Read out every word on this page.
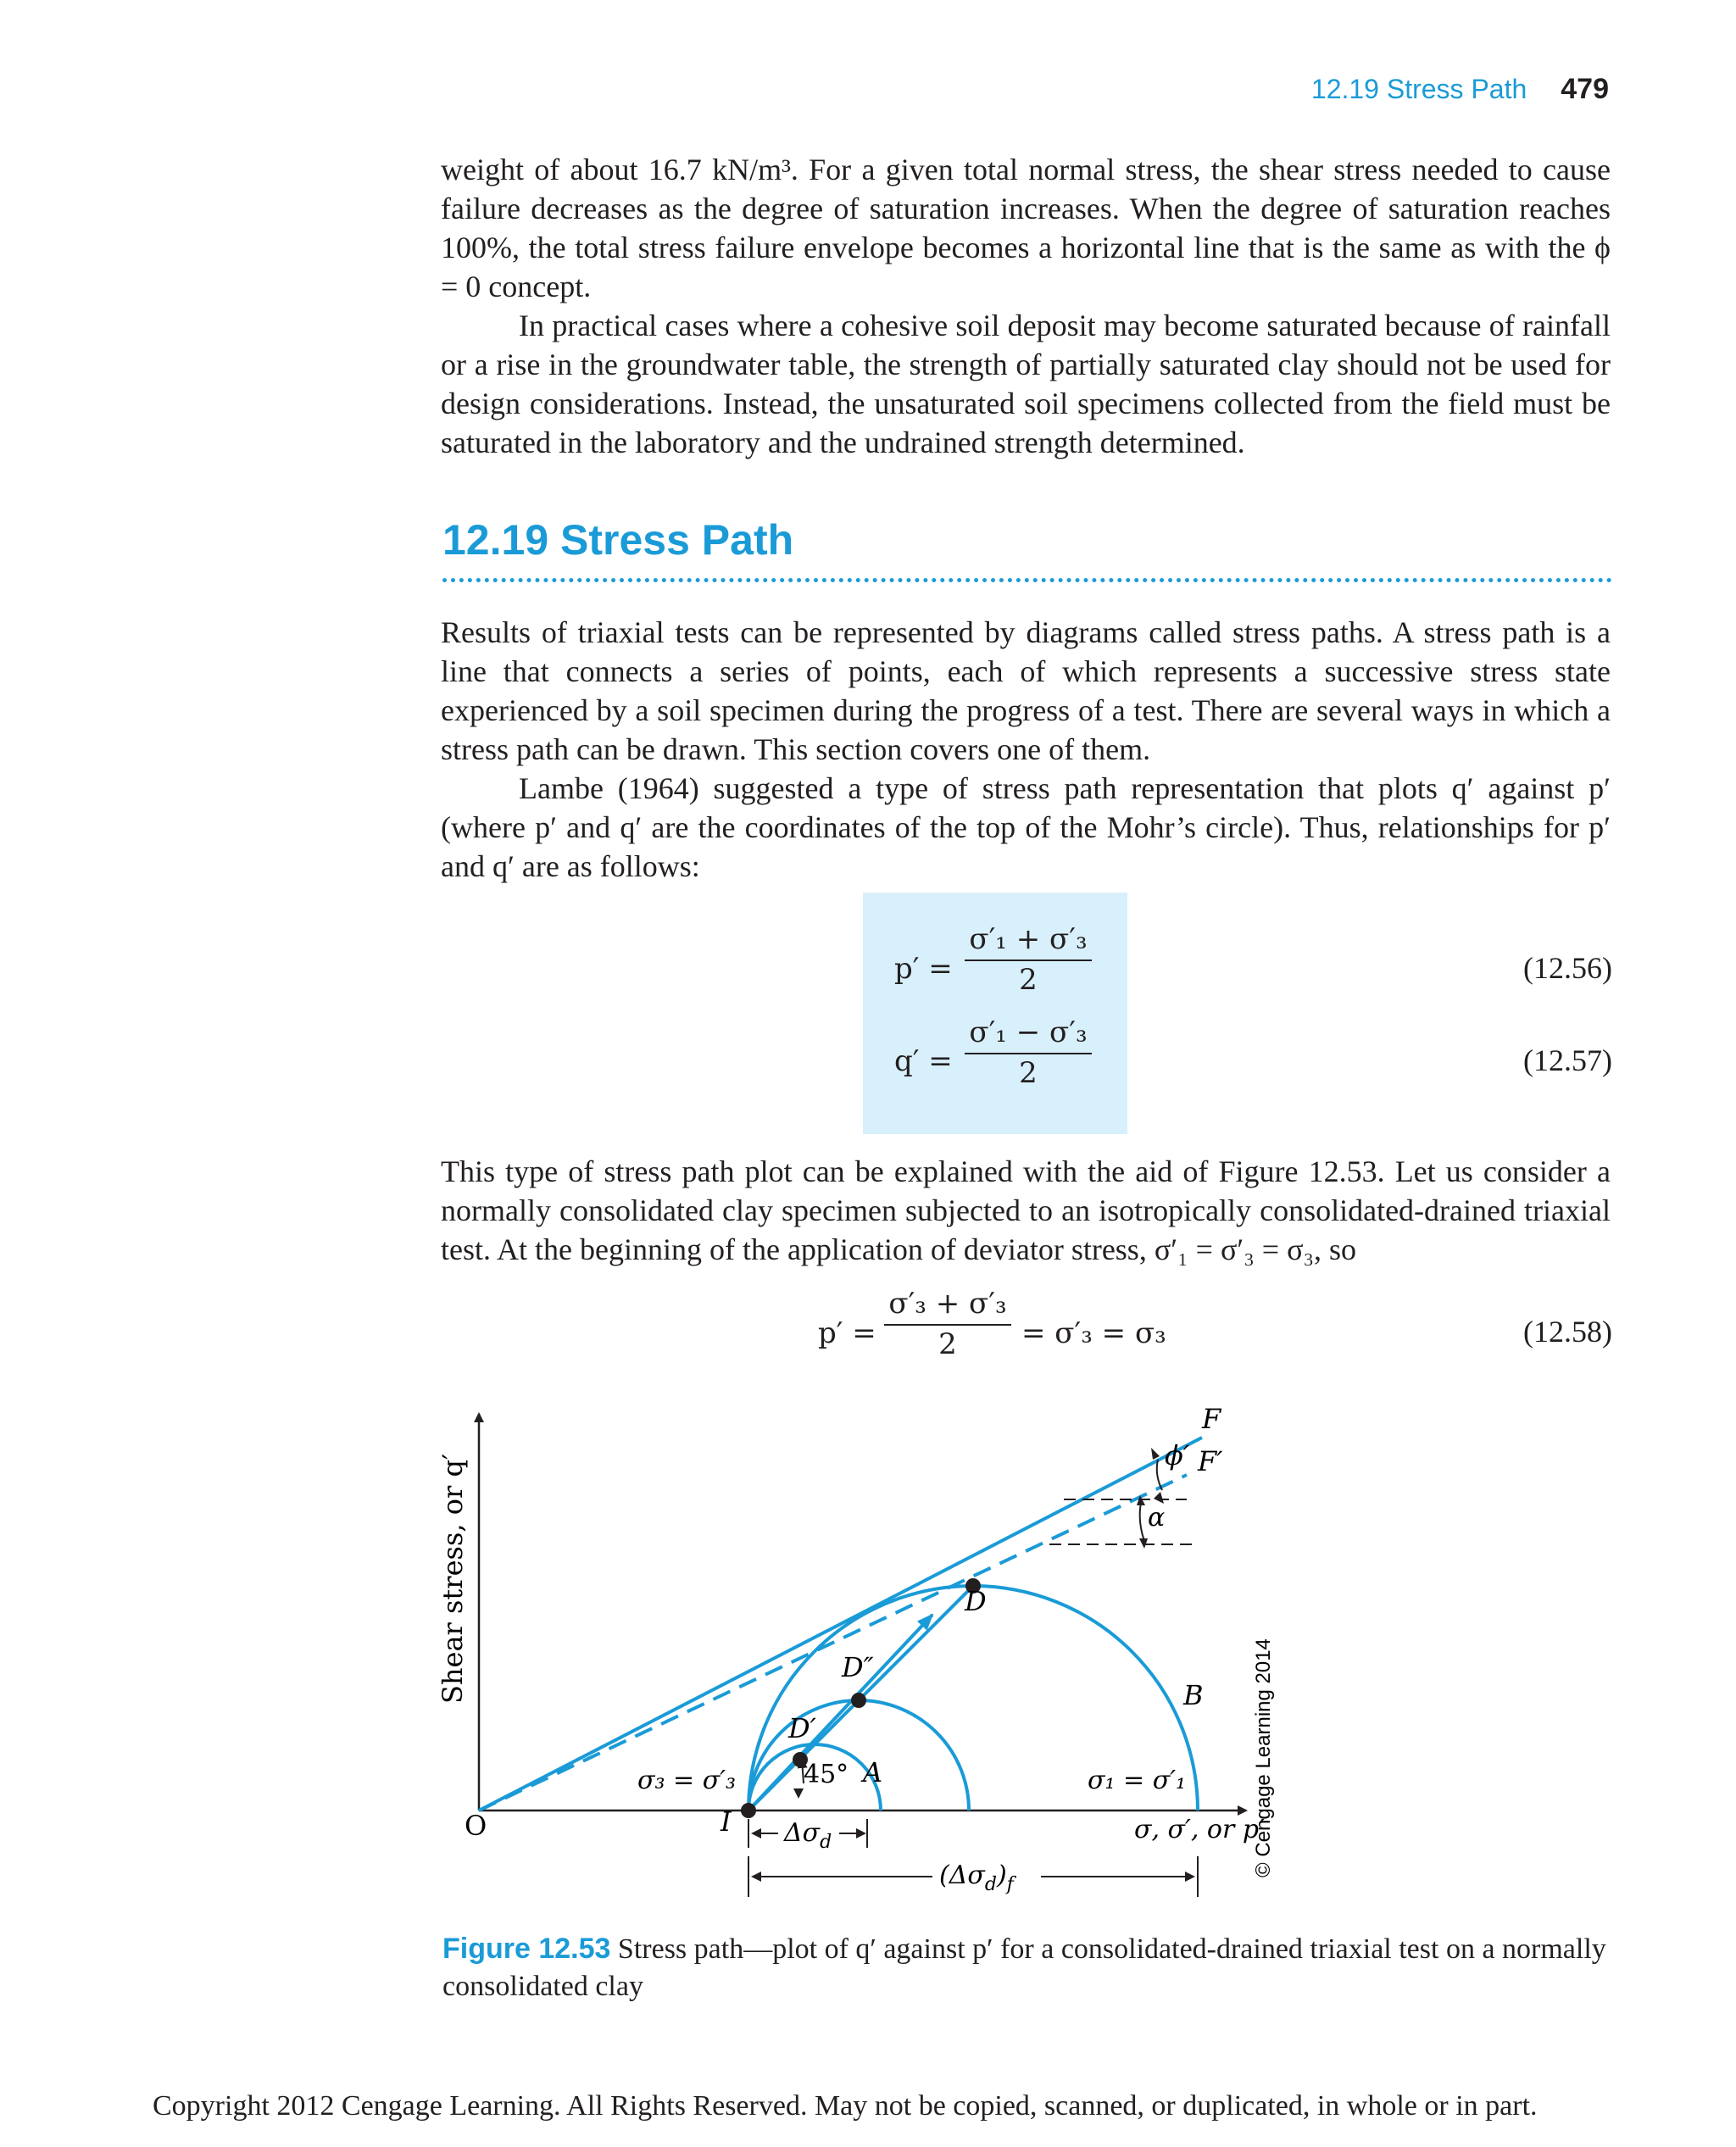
12.19 Stress Path 479

weight of about 16.7 kN/m³. For a given total normal stress, the shear stress needed to cause failure decreases as the degree of saturation increases. When the degree of saturation reaches 100%, the total stress failure envelope becomes a horizontal line that is the same as with the ϕ = 0 concept.

In practical cases where a cohesive soil deposit may become saturated because of rainfall or a rise in the groundwater table, the strength of partially saturated clay should not be used for design considerations. Instead, the unsaturated soil specimens collected from the field must be saturated in the laboratory and the undrained strength determined.

12.19 Stress Path

Results of triaxial tests can be represented by diagrams called stress paths. A stress path is a line that connects a series of points, each of which represents a successive stress state experienced by a soil specimen during the progress of a test. There are several ways in which a stress path can be drawn. This section covers one of them.

Lambe (1964) suggested a type of stress path representation that plots q′ against p′ (where p′ and q′ are the coordinates of the top of the Mohr’s circle). Thus, relationships for p′ and q′ are as follows:

$p' = \frac{\text{σ′₁ + σ′₃}}{2}$	(12.56)
$q' = \frac{\text{σ′₁ − σ′₃}}{2}$	(12.57)

This type of stress path plot can be explained with the aid of Figure 12.53. Let us consider a normally consolidated clay specimen subjected to an isotropically consolidated-drained triaxial test. At the beginning of the application of deviator stress, σ′₁ = σ′₃ = σ₃, so

$p' = \frac{\text{σ′₃ + σ′₃}}{2} = \sigma'_3 = \sigma_3$	(12.58)
O	I
A
B
D
D′
D″
F
F′
ϕ′
α
45°
σ₃ = σ′₃	σ₁ = σ′₁
σ, σ′, or p′
Shear stress, or q′
$\Delta\sigma_d$
$(\Delta\sigma_d)_f$
© Cengage Learning 2014
Figure 12.53 Stress path—plot of q′ against p′ for a consolidated-drained triaxial test on a normally consolidated clay
Copyright 2012 Cengage Learning. All Rights Reserved. May not be copied, scanned, or duplicated, in whole or in part.
